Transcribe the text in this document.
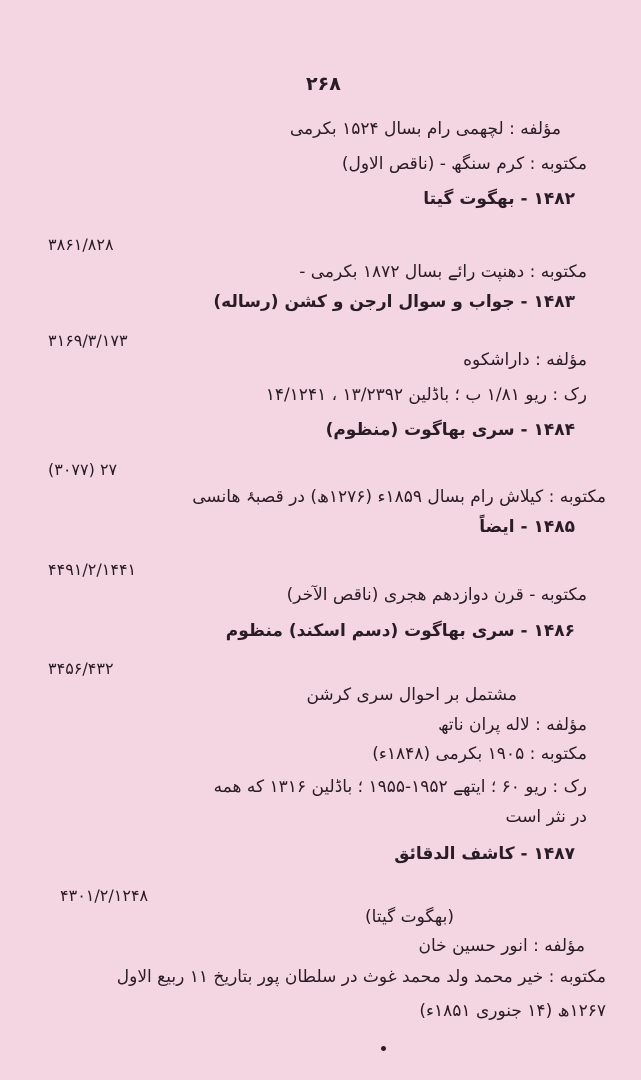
۲۶۸
مؤلفه : لچھمی رام بسال ۱۵۲۴ بکرمی
مکتوبه : کرم سنگھ - (ناقص الاول)
۱۴۸۲ - بھگوت گیتا
۳۸۶۱/۸۲۸
مکتوبه : دھنپت رائے بسال ۱۸۷۲ بکرمی -
۱۴۸۳ - جواب و سوال ارجن و کشن (رساله)
۳۱۶۹/۳/۱۷۳
مؤلفه : داراشکوه
رک : ریو ۱/۸۱ ب ؛ باڈلین ۱۳/۲۳۹۲ ، ۱۴/۱۲۴۱
۱۴۸۴ - سری بھاگوت (منظوم)
(۳۰۷۷) ۲۷
مکتوبه : کیلاش رام بسال ۱۸۵۹ء (۱۲۷۶ھ) در قصبۂ ھانسی
۱۴۸۵ - ایضاً
۴۴۹۱/۲/۱۴۴۱
مکتوبه - قرن دوازدھم ھجری (ناقص الآخر)
۱۴۸۶ - سری بھاگوت (دسم اسکند) منظوم
۳۴۵۶/۴۳۲
مشتمل بر احوال سری کرشن
مؤلفه : لاله پران ناتھ
مکتوبه : ۱۹۰۵ بکرمی (۱۸۴۸ء)
رک : ریو ۶۰ ؛ ایتھے ۱۹۵۲-۱۹۵۵ ؛ باڈلین ۱۳۱۶ که ھمه
در نثر است
۱۴۸۷ - کاشف الدقائق
۴۳۰۱/۲/۱۲۴۸
(بھگوت گیتا)
مؤلفه : انور حسین خان
مکتوبه : خیر محمد ولد محمد غوث در سلطان پور بتاریخ ۱۱ ربیع الاول
۱۲۶۷ھ (۱۴ جنوری ۱۸۵۱ء)
